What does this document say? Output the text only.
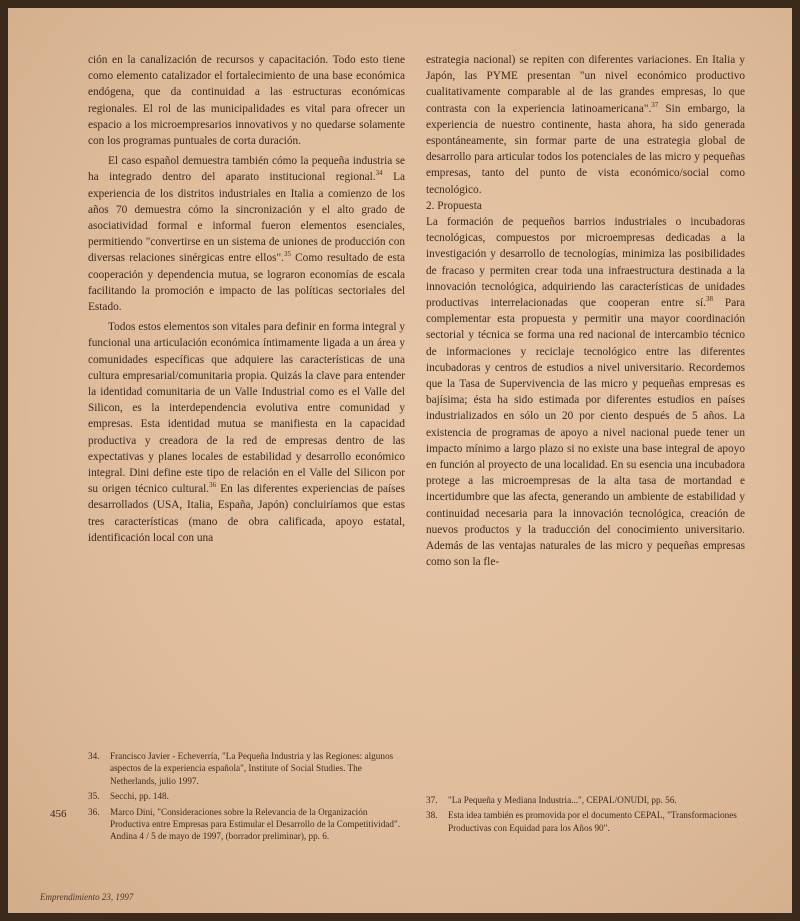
ción en la canalización de recursos y capacitación. Todo esto tiene como elemento catalizador el fortalecimiento de una base económica endógena, que da continuidad a las estructuras económicas regionales. El rol de las municipalidades es vital para ofrecer un espacio a los microempresarios innovativos y no quedarse solamente con los programas puntuales de corta duración.

El caso español demuestra también cómo la pequeña industria se ha integrado dentro del aparato institucional regional.$^{34}$ La experiencia de los distritos industriales en Italia a comienzo de los años 70 demuestra cómo la sincronización y el alto grado de asociatividad formal e informal fueron elementos esenciales, permitiendo "convertirse en un sistema de uniones de producción con diversas relaciones sinérgicas entre ellos".$^{35}$ Como resultado de esta cooperación y dependencia mutua, se lograron economías de escala facilitando la promoción e impacto de las políticas sectoriales del Estado.

Todos estos elementos son vitales para definir en forma integral y funcional una articulación económica íntimamente ligada a un área y comunidades específicas que adquiere las características de una cultura empresarial/comunitaria propia. Quizás la clave para entender la identidad comunitaria de un Valle Industrial como es el Valle del Silicon, es la interdependencia evolutiva entre comunidad y empresas. Esta identidad mutua se manifiesta en la capacidad productiva y creadora de la red de empresas dentro de las expectativas y planes locales de estabilidad y desarrollo económico integral. Dini define este tipo de relación en el Valle del Silicon por su origen técnico cultural.$^{36}$ En las diferentes experiencias de países desarrollados (USA, Italia, España, Japón) concluiríamos que estas tres características (mano de obra calificada, apoyo estatal, identificación local con una

estrategia nacional) se repiten con diferentes variaciones. En Italia y Japón, las PYME presentan "un nivel económico productivo cualitativamente comparable al de las grandes empresas, lo que contrasta con la experiencia latinoamericana".$^{37}$ Sin embargo, la experiencia de nuestro continente, hasta ahora, ha sido generada espontáneamente, sin formar parte de una estrategia global de desarrollo para articular todos los potenciales de las micro y pequeñas empresas, tanto del punto de vista económico/social como tecnológico.

2. Propuesta

La formación de pequeños barrios industriales o incubadoras tecnológicas, compuestos por microempresas dedicadas a la investigación y desarrollo de tecnologías, minimiza las posibilidades de fracaso y permiten crear toda una infraestructura destinada a la innovación tecnológica, adquiriendo las características de unidades productivas interrelacionadas que cooperan entre sí.$^{38}$ Para complementar esta propuesta y permitir una mayor coordinación sectorial y técnica se forma una red nacional de intercambio técnico de informaciones y reciclaje tecnológico entre las diferentes incubadoras y centros de estudios a nivel universitario. Recordemos que la Tasa de Supervivencia de las micro y pequeñas empresas es bajísima; ésta ha sido estimada por diferentes estudios en países industrializados en sólo un 20 por ciento después de 5 años. La existencia de programas de apoyo a nivel nacional puede tener un impacto mínimo a largo plazo si no existe una base integral de apoyo en función al proyecto de una localidad. En su esencia una incubadora protege a las microempresas de la alta tasa de mortandad e incertidumbre que las afecta, generando un ambiente de estabilidad y continuidad necesaria para la innovación tecnológica, creación de nuevos productos y la traducción del conocimiento universitario. Además de las ventajas naturales de las micro y pequeñas empresas como son la fle-

34.	Francisco Javier - Echeverría, "La Pequeña Industria y las Regiones: algunos aspectos de la experiencia española", Institute of Social Studies. The Netherlands, julio 1997.
35.	Secchi, pp. 148.
36.	Marco Dini, "Consideraciones sobre la Relevancia de la Organización Productiva entre Empresas para Estimular el Desarrollo de la Competitividad". Andina 4 / 5 de mayo de 1997, (borrador preliminar), pp. 6.
37.	"La Pequeña y Mediana Industria...", CEPAL/ONUDI, pp. 56.
38.	Esta idea también es promovida por el documento CEPAL, "Transformaciones Productivas con Equidad para los Años 90".
456
Emprendimiento 23, 1997
